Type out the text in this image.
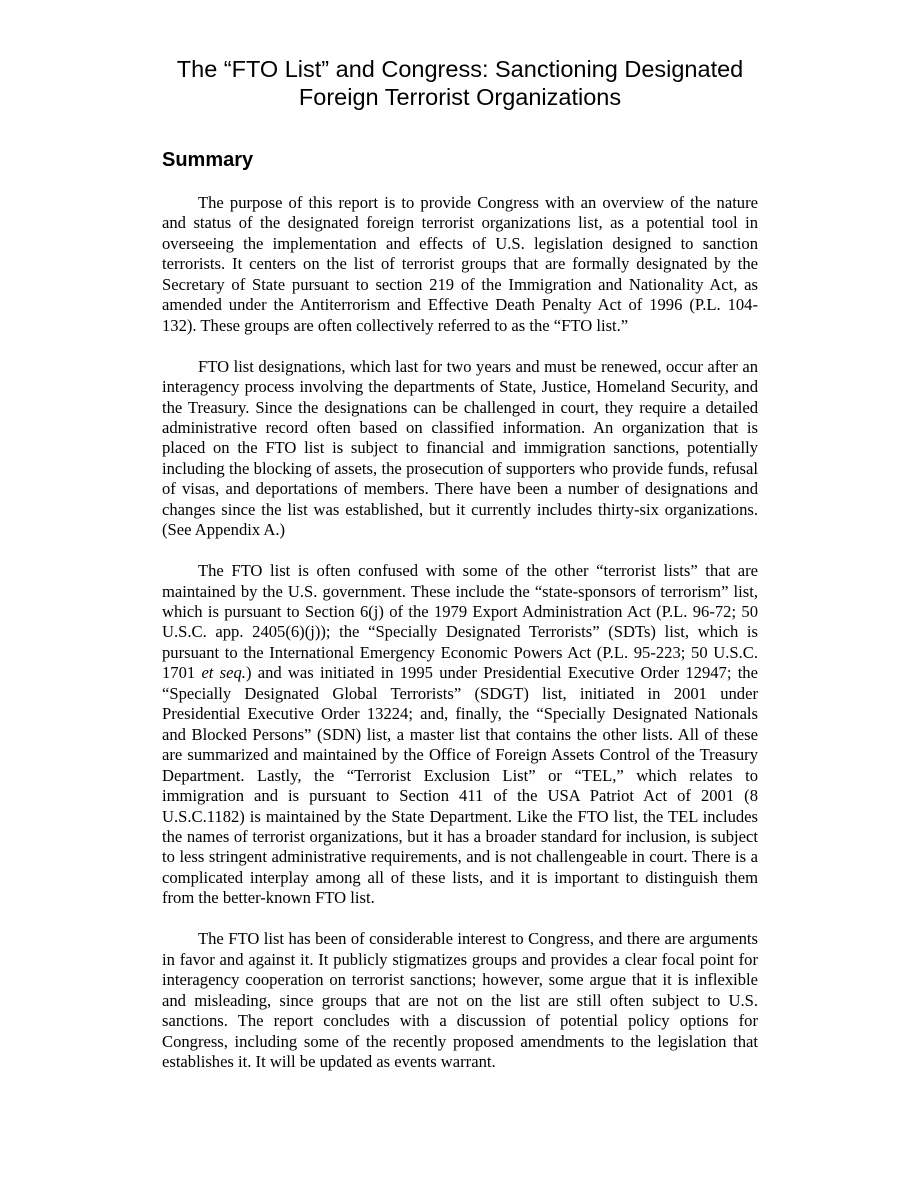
The “FTO List” and Congress: Sanctioning Designated
Foreign Terrorist Organizations
Summary

The purpose of this report is to provide Congress with an overview of the nature and status of the designated foreign terrorist organizations list, as a potential tool in overseeing the implementation and effects of U.S. legislation designed to sanction terrorists. It centers on the list of terrorist groups that are formally designated by the Secretary of State pursuant to section 219 of the Immigration and Nationality Act, as amended under the Antiterrorism and Effective Death Penalty Act of 1996 (P.L. 104-132). These groups are often collectively referred to as the “FTO list.”

FTO list designations, which last for two years and must be renewed, occur after an interagency process involving the departments of State, Justice, Homeland Security, and the Treasury. Since the designations can be challenged in court, they require a detailed administrative record often based on classified information. An organization that is placed on the FTO list is subject to financial and immigration sanctions, potentially including the blocking of assets, the prosecution of supporters who provide funds, refusal of visas, and deportations of members. There have been a number of designations and changes since the list was established, but it currently includes thirty-six organizations. (See Appendix A.)

The FTO list is often confused with some of the other “terrorist lists” that are maintained by the U.S. government. These include the “state-sponsors of terrorism” list, which is pursuant to Section 6(j) of the 1979 Export Administration Act (P.L. 96-72; 50 U.S.C. app. 2405(6)(j)); the “Specially Designated Terrorists” (SDTs) list, which is pursuant to the International Emergency Economic Powers Act (P.L. 95-223; 50 U.S.C. 1701 et seq.) and was initiated in 1995 under Presidential Executive Order 12947; the “Specially Designated Global Terrorists” (SDGT) list, initiated in 2001 under Presidential Executive Order 13224; and, finally, the “Specially Designated Nationals and Blocked Persons” (SDN) list, a master list that contains the other lists. All of these are summarized and maintained by the Office of Foreign Assets Control of the Treasury Department. Lastly, the “Terrorist Exclusion List” or “TEL,” which relates to immigration and is pursuant to Section 411 of the USA Patriot Act of 2001 (8 U.S.C.1182) is maintained by the State Department. Like the FTO list, the TEL includes the names of terrorist organizations, but it has a broader standard for inclusion, is subject to less stringent administrative requirements, and is not challengeable in court. There is a complicated interplay among all of these lists, and it is important to distinguish them from the better-known FTO list.

The FTO list has been of considerable interest to Congress, and there are arguments in favor and against it. It publicly stigmatizes groups and provides a clear focal point for interagency cooperation on terrorist sanctions; however, some argue that it is inflexible and misleading, since groups that are not on the list are still often subject to U.S. sanctions. The report concludes with a discussion of potential policy options for Congress, including some of the recently proposed amendments to the legislation that establishes it. It will be updated as events warrant.
